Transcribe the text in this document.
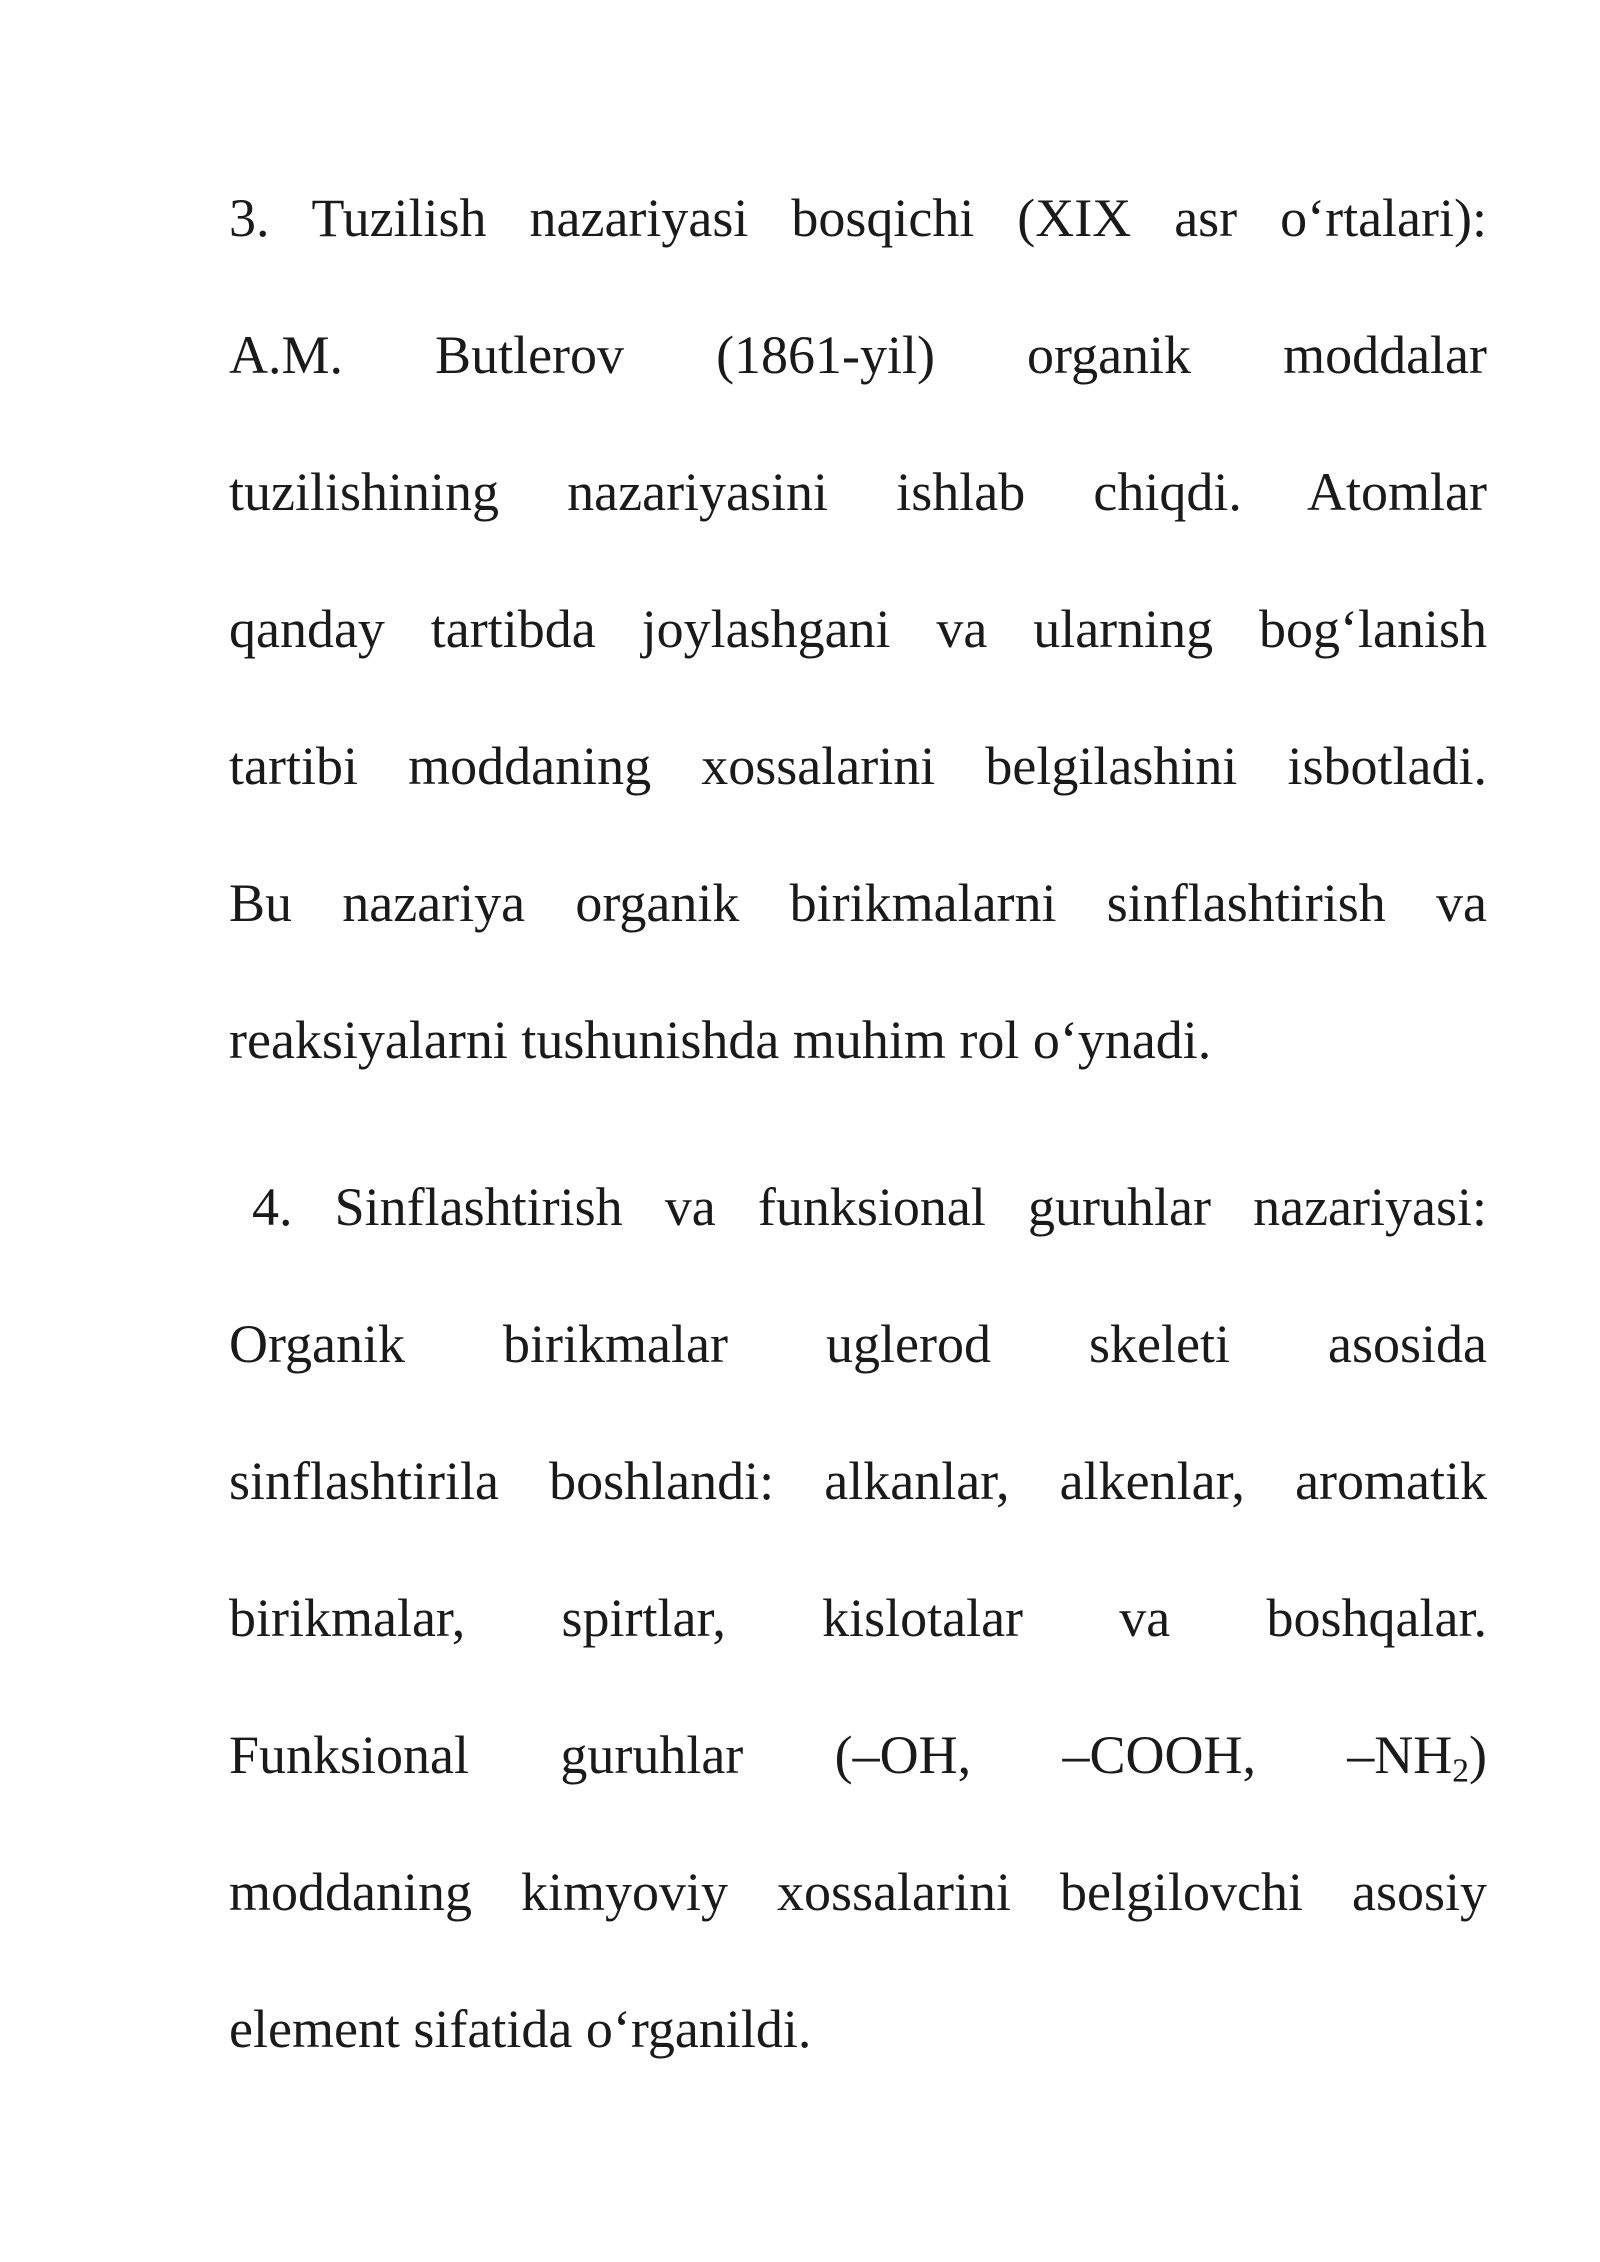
3. Tuzilish nazariyasi bosqichi (XIX asr o‘rtalari):
A.M. Butlerov (1861-yil) organik moddalar
tuzilishining nazariyasini ishlab chiqdi. Atomlar
qanday tartibda joylashgani va ularning bog‘lanish
tartibi moddaning xossalarini belgilashini isbotladi.
Bu nazariya organik birikmalarni sinflashtirish va
reaksiyalarni tushunishda muhim rol o‘ynadi.
4. Sinflashtirish va funksional guruhlar nazariyasi:
Organik birikmalar uglerod skeleti asosida
sinflashtirila boshlandi: alkanlar, alkenlar, aromatik
birikmalar, spirtlar, kislotalar va boshqalar.
Funksional guruhlar (–OH, –COOH, $-NH_2$)
moddaning kimyoviy xossalarini belgilovchi asosiy
element sifatida o‘rganildi.
